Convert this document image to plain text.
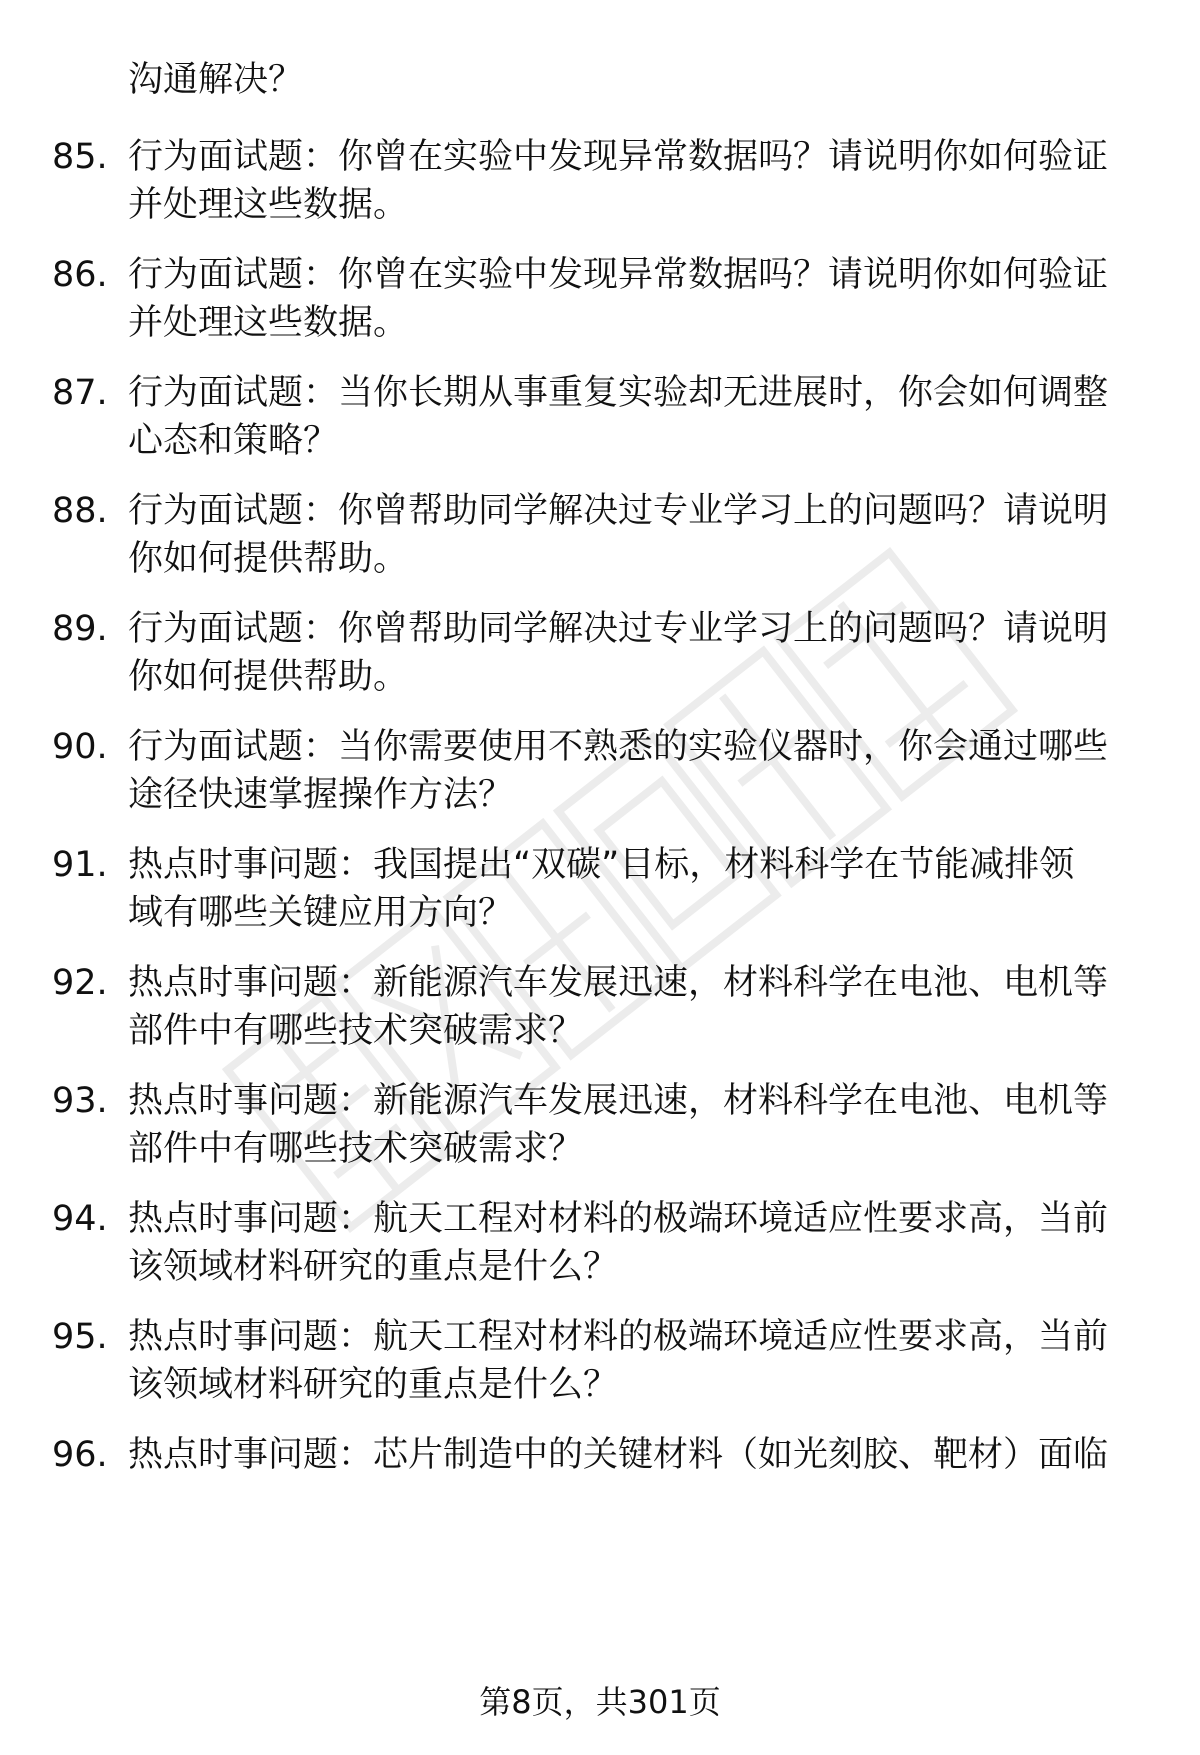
沟通解决？
85. 行为面试题：你曾在实验中发现异常数据吗？请说明你如何验证
并处理这些数据。
86. 行为面试题：你曾在实验中发现异常数据吗？请说明你如何验证
并处理这些数据。
87. 行为面试题：当你长期从事重复实验却无进展时，你会如何调整
心态和策略？
88. 行为面试题：你曾帮助同学解决过专业学习上的问题吗？请说明
你如何提供帮助。
89. 行为面试题：你曾帮助同学解决过专业学习上的问题吗？请说明
你如何提供帮助。
90. 行为面试题：当你需要使用不熟悉的实验仪器时，你会通过哪些
途径快速掌握操作方法？
91. 热点时事问题：我国提出“双碳”目标，材料科学在节能减排领
域有哪些关键应用方向？
92. 热点时事问题：新能源汽车发展迅速，材料科学在电池、电机等
部件中有哪些技术突破需求？
93. 热点时事问题：新能源汽车发展迅速，材料科学在电池、电机等
部件中有哪些技术突破需求？
94. 热点时事问题：航天工程对材料的极端环境适应性要求高，当前
该领域材料研究的重点是什么？
95. 热点时事问题：航天工程对材料的极端环境适应性要求高，当前
该领域材料研究的重点是什么？
96. 热点时事问题：芯片制造中的关键材料（如光刻胶、靶材）面临
第8页，共301页
